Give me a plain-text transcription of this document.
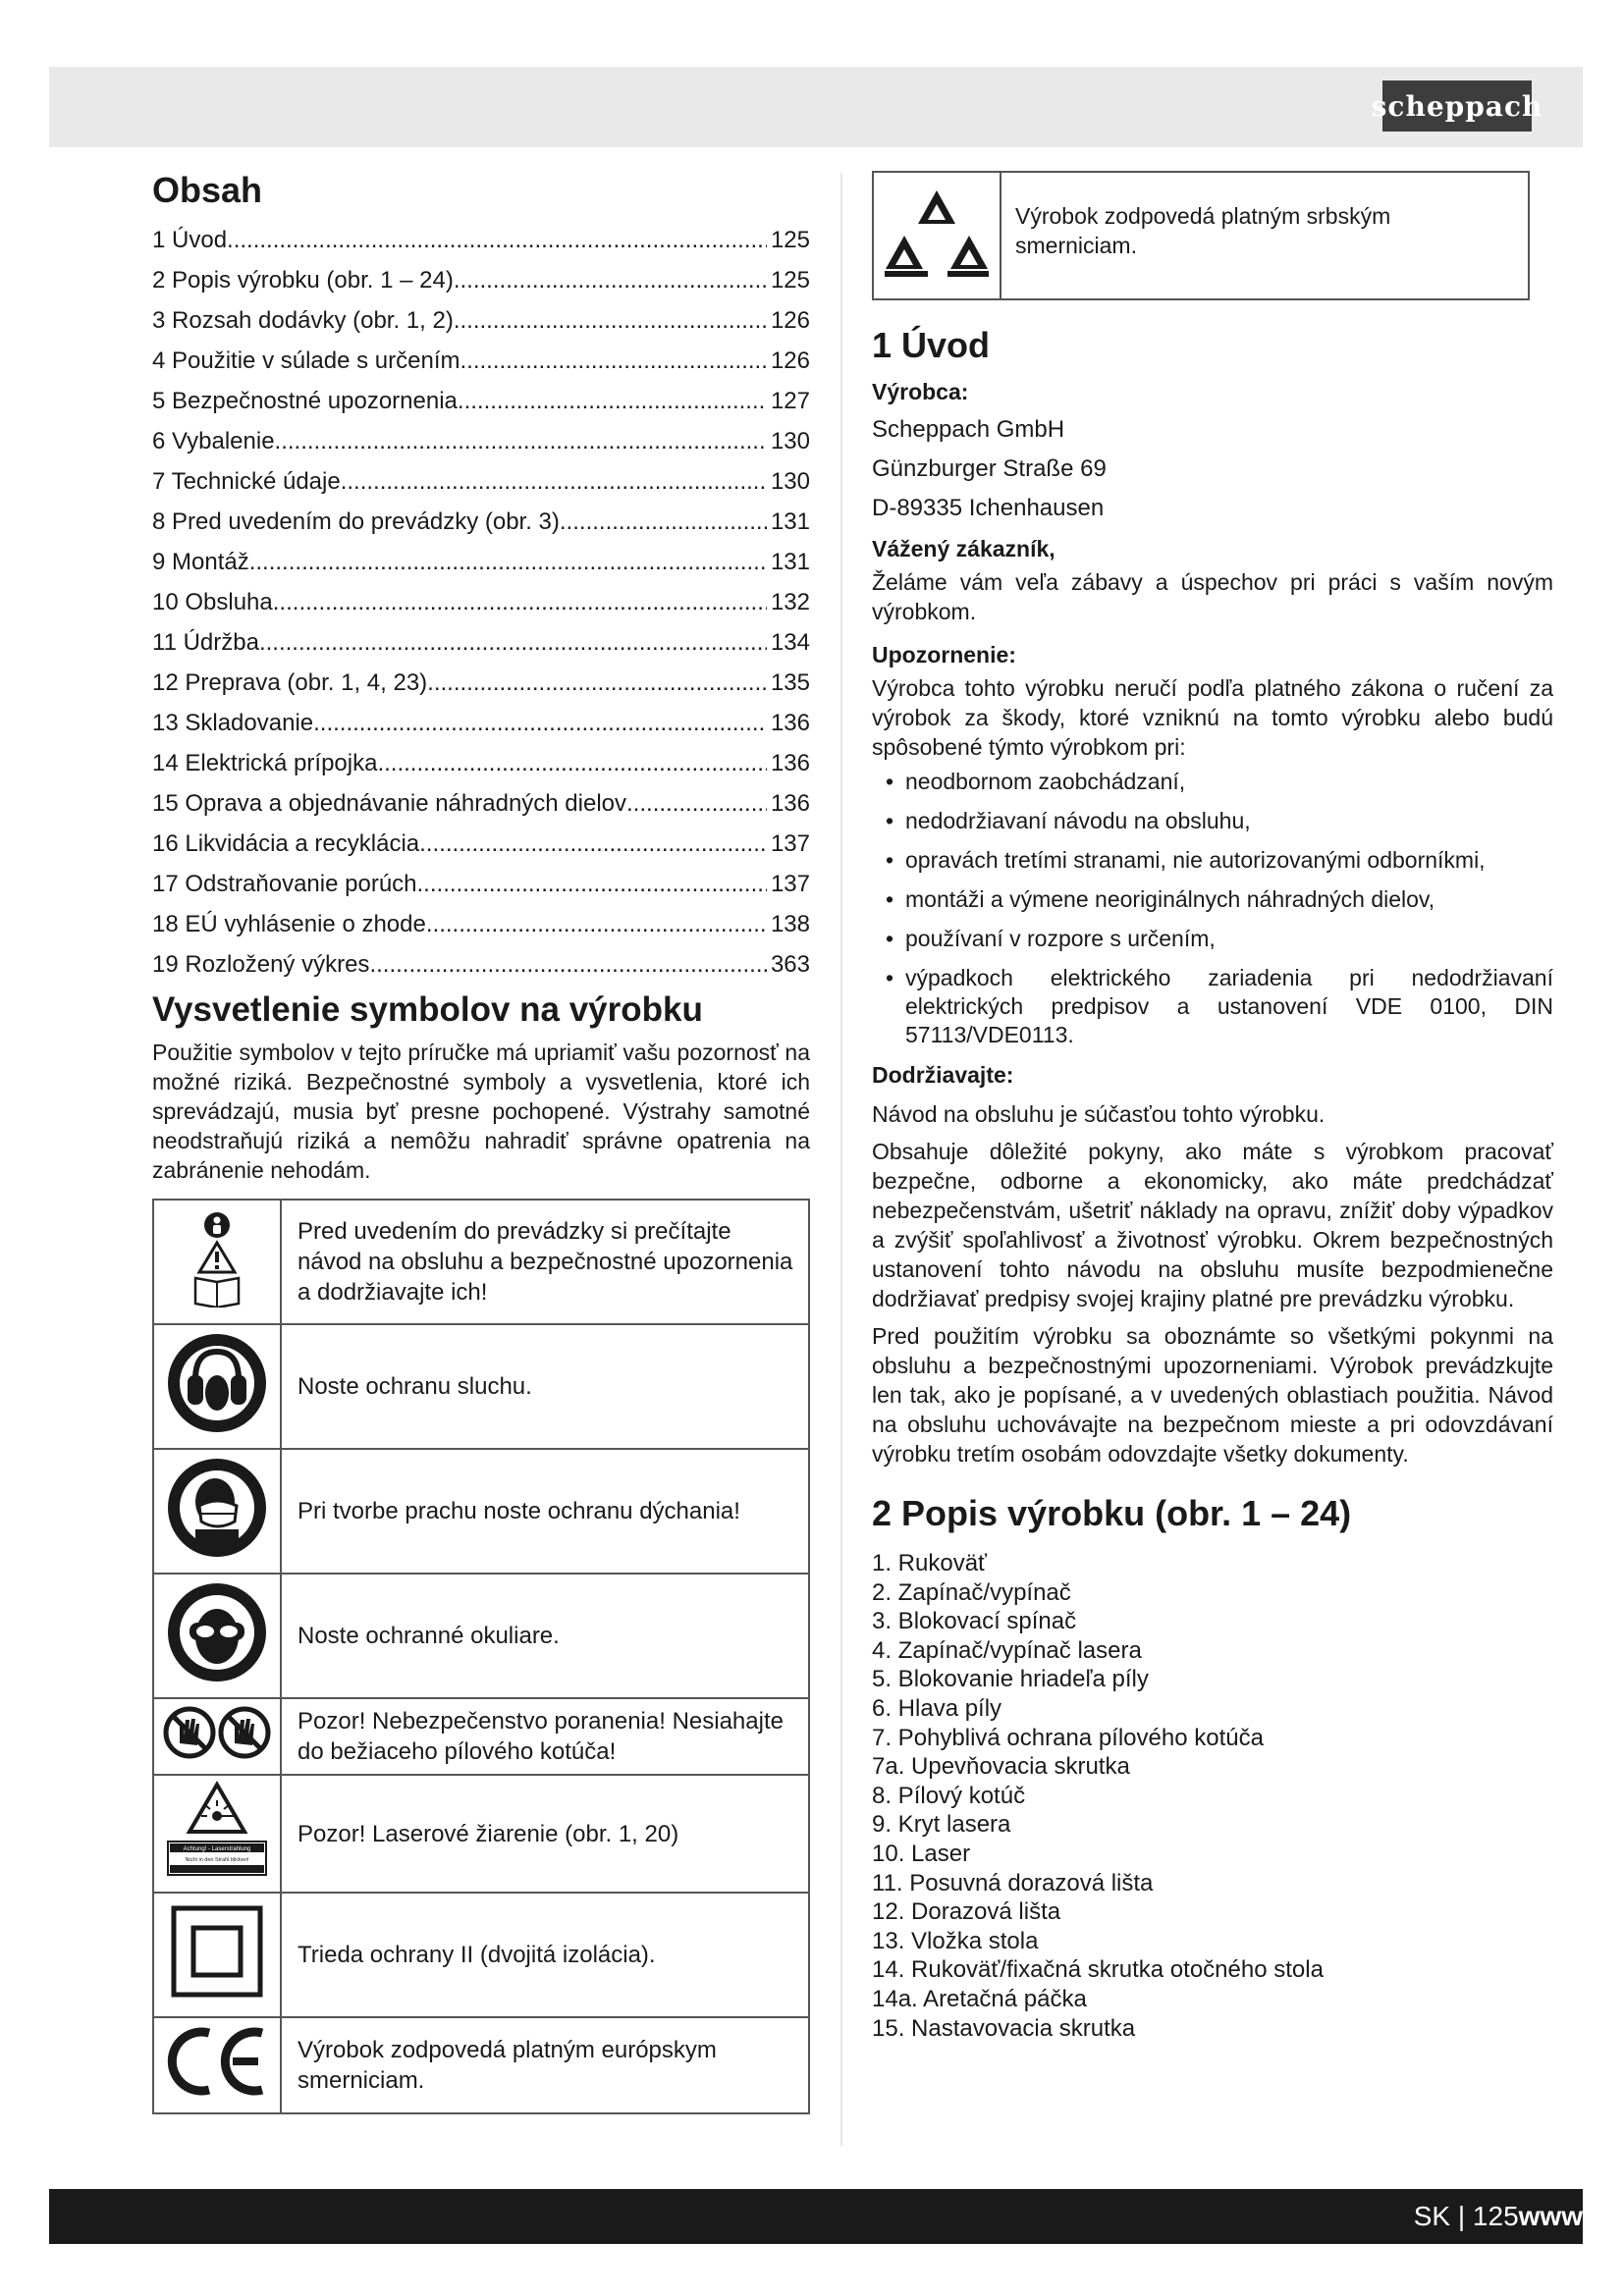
scheppach
Obsah
1 Úvod .....	125
2 Popis výrobku (obr. 1 – 24) .....	125
3 Rozsah dodávky (obr. 1, 2) .....	126
4 Použitie v súlade s určením .....	126
5 Bezpečnostné upozornenia .....	127
6 Vybalenie .....	130
7 Technické údaje .....	130
8 Pred uvedením do prevádzky (obr. 3) .....	131
9 Montáž .....	131
10 Obsluha .....	132
11 Údržba .....	134
12 Preprava (obr. 1, 4, 23) .....	135
13 Skladovanie .....	136
14 Elektrická prípojka .....	136
15 Oprava a objednávanie náhradných dielov .....	136
16 Likvidácia a recyklácia .....	137
17 Odstraňovanie porúch .....	137
18 EÚ vyhlásenie o zhode .....	138
19 Rozložený výkres .....	363
Vysvetlenie symbolov na výrobku

Použitie symbolov v tejto príručke má upriamiť vašu pozornosť na možné riziká. Bezpečnostné symboly a vysvetlenia, ktoré ich sprevádzajú, musia byť presne pochopené. Výstrahy samotné neodstraňujú riziká a nemôžu nahradiť správne opatrenia na zabránenie nehodám.

	Pred uvedením do prevádzky si prečítajte návod na obsluhu a bezpečnostné upozornenia a dodržiavajte ich!
	Noste ochranu sluchu.
	Pri tvorbe prachu noste ochranu dýchania!
	Noste ochranné okuliare.
	Pozor! Nebezpečenstvo poranenia! Nesiahajte do bežiaceho pílového kotúča!

Achtung! - Laserstrahlung
Nicht in den Strahl blicken!	Pozor! Laserové žiarenie (obr. 1, 20)
	Trieda ochrany II (dvojitá izolácia).
	Výrobok zodpovedá platným európskym smerniciam.
	Výrobok zodpovedá platným srbským smerniciam.
1 Úvod
Výrobca:
Scheppach GmbH
Günzburger Straße 69
D-89335 Ichenhausen
Vážený zákazník,

Želáme vám veľa zábavy a úspechov pri práci s vaším novým výrobkom.

Upozornenie:

Výrobca tohto výrobku neručí podľa platného zákona o ručení za výrobok za škody, ktoré vzniknú na tomto výrobku alebo budú spôsobené týmto výrobkom pri:

• neodbornom zaobchádzaní,
• nedodržiavaní návodu na obsluhu,
• opravách tretími stranami, nie autorizovanými odborníkmi,
• montáži a výmene neoriginálnych náhradných dielov,
• používaní v rozpore s určením,
• výpadkoch elektrického zariadenia pri nedodržiavaní elektrických predpisov a ustanovení VDE 0100, DIN 57113/VDE0113.
Dodržiavajte:

Návod na obsluhu je súčasťou tohto výrobku.

Obsahuje dôležité pokyny, ako máte s výrobkom pracovať bezpečne, odborne a ekonomicky, ako máte predchádzať nebezpečenstvám, ušetriť náklady na opravu, znížiť doby výpadkov a zvýšiť spoľahlivosť a životnosť výrobku. Okrem bezpečnostných ustanovení tohto návodu na obsluhu musíte bezpodmienečne dodržiavať predpisy svojej krajiny platné pre prevádzku výrobku.

Pred použitím výrobku sa oboznámte so všetkými pokynmi na obsluhu a bezpečnostnými upozorneniami. Výrobok prevádzkujte len tak, ako je popísané, a v uvedených oblastiach použitia. Návod na obsluhu uchovávajte na bezpečnom mieste a pri odovzdávaní výrobku tretím osobám odovzdajte všetky dokumenty.

2 Popis výrobku (obr. 1 – 24)
1. Rukoväť
2. Zapínač/vypínač
3. Blokovací spínač
4. Zapínač/vypínač lasera
5. Blokovanie hriadeľa píly
6. Hlava píly
7. Pohyblivá ochrana pílového kotúča
7a. Upevňovacia skrutka
8. Pílový kotúč
9. Kryt lasera
10. Laser
11. Posuvná dorazová lišta
12. Dorazová lišta
13. Vložka stola
14. Rukoväť/fixačná skrutka otočného stola
14a. Aretačná páčka
15. Nastavovacia skrutka
SK | 125www
